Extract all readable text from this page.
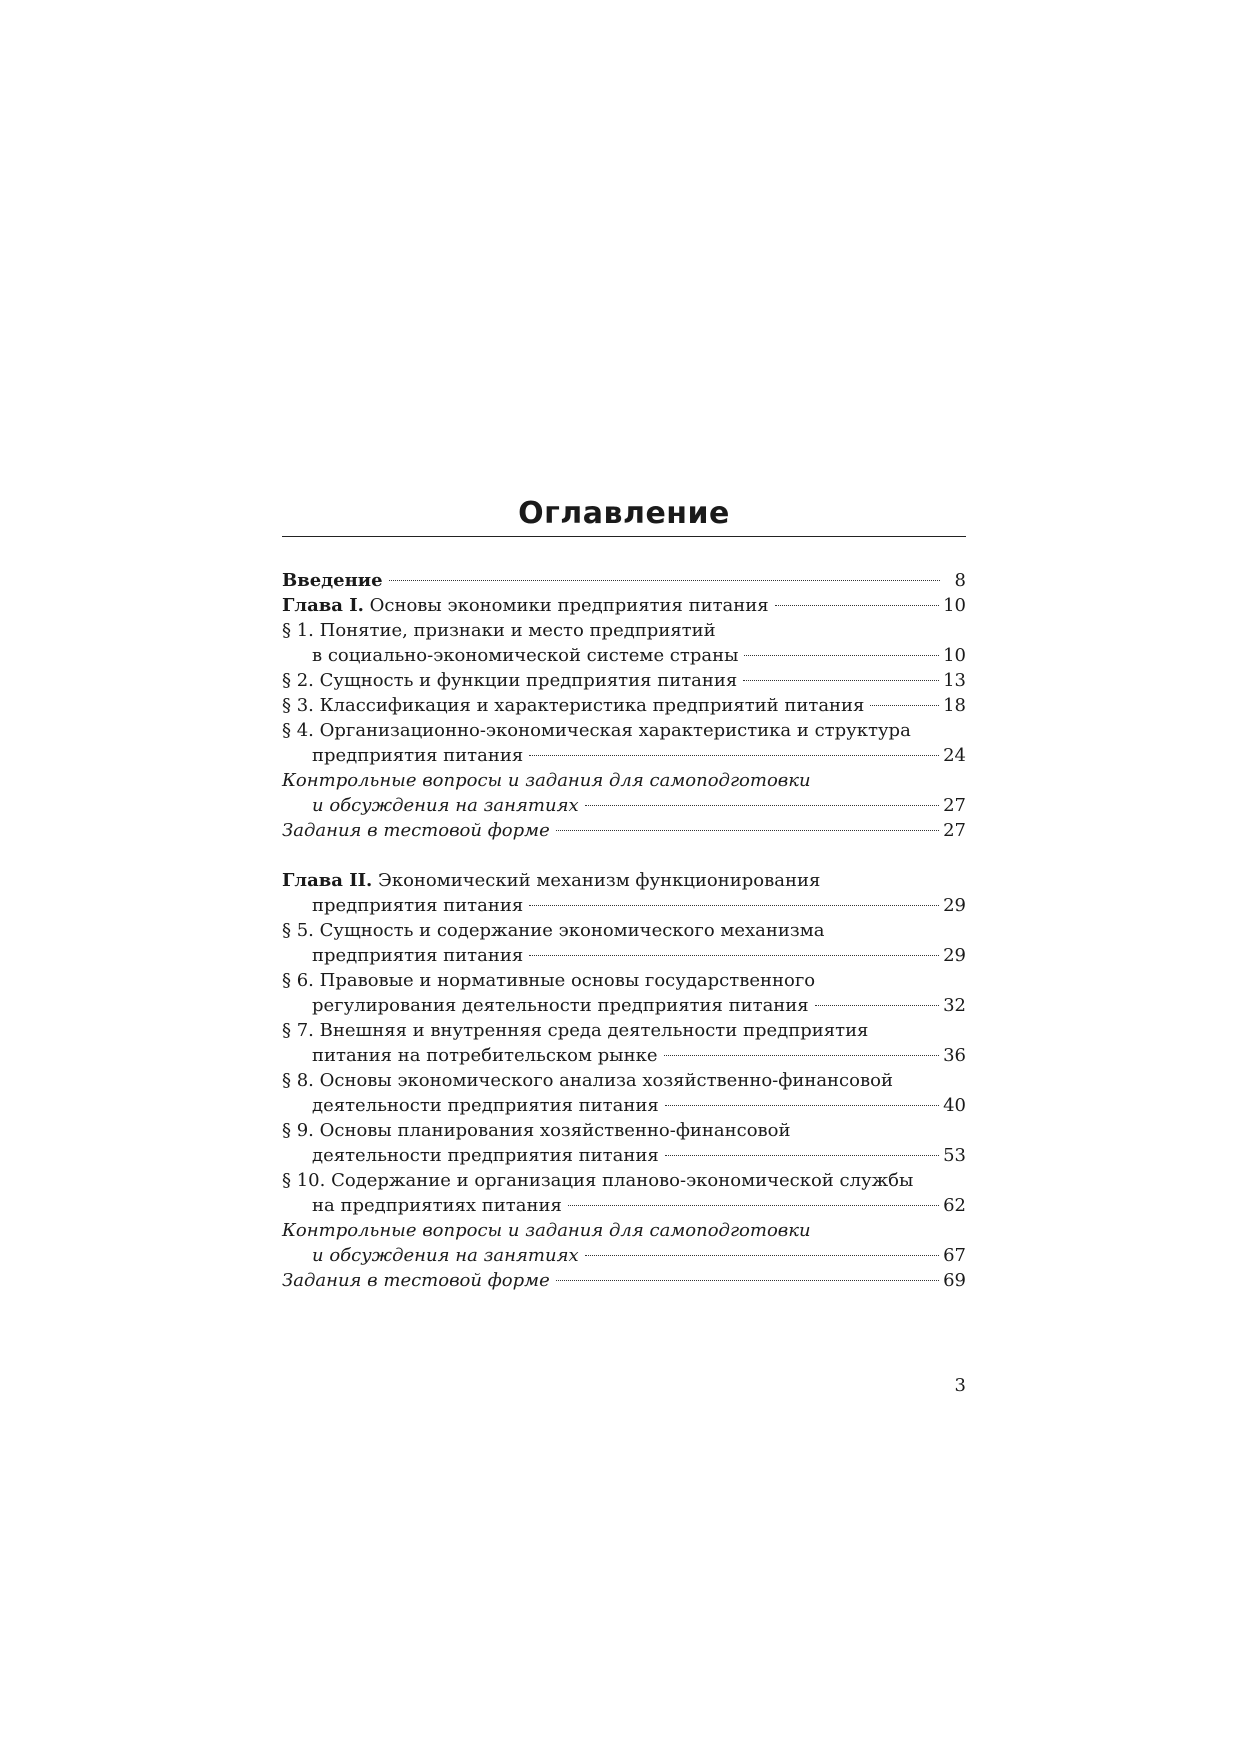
Оглавление
Введение	8
Глава I. Основы экономики предприятия питания	10
§ 1. Понятие, признаки и место предприятий
в социально-экономической системе страны	10
§ 2. Сущность и функции предприятия питания	13
§ 3. Классификация и характеристика предприятий питания	18
§ 4. Организационно-экономическая характеристика и структура
предприятия питания	24
Контрольные вопросы и задания для самоподготовки
и обсуждения на занятиях	27
Задания в тестовой форме	27
Глава II. Экономический механизм функционирования
предприятия питания	29
§ 5. Сущность и содержание экономического механизма
предприятия питания	29
§ 6. Правовые и нормативные основы государственного
регулирования деятельности предприятия питания	32
§ 7. Внешняя и внутренняя среда деятельности предприятия
питания на потребительском рынке	36
§ 8. Основы экономического анализа хозяйственно-финансовой
деятельности предприятия питания	40
§ 9. Основы планирования хозяйственно-финансовой
деятельности предприятия питания	53
§ 10. Содержание и организация планово-экономической службы
на предприятиях питания	62
Контрольные вопросы и задания для самоподготовки
и обсуждения на занятиях	67
Задания в тестовой форме	69
3
